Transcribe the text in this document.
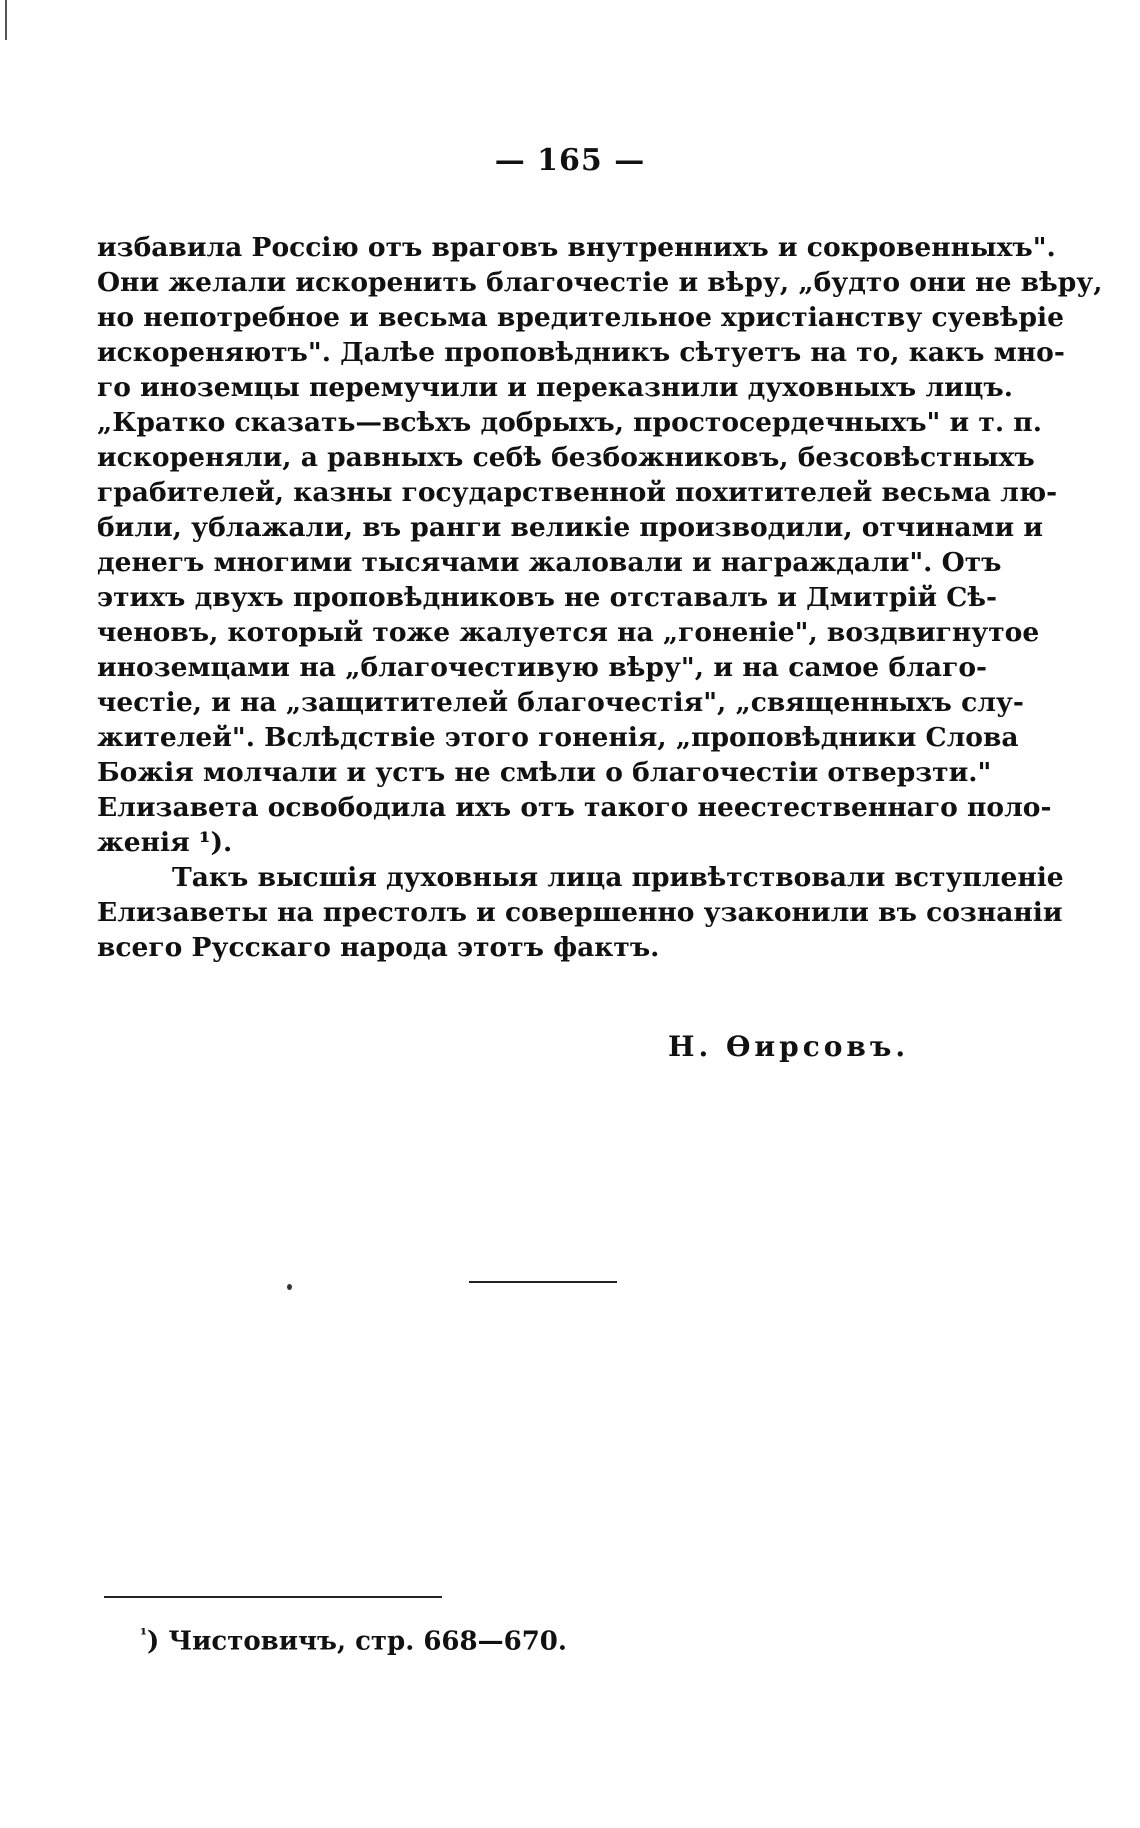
— 165 —
избавила Россію отъ враговъ внутреннихъ и сокровенныхъ".
Они желали искоренить благочестіе и вѣру, „будто они не вѣру,
но непотребное и весьма вредительное христіанству суевѣріе
искореняютъ". Далѣе проповѣдникъ сѣтуетъ на то, какъ мно-
го иноземцы перемучили и переказнили духовныхъ лицъ.
„Кратко сказать—всѣхъ добрыхъ, простосердечныхъ" и т. п.
искореняли, а равныхъ себѣ безбожниковъ, безсовѣстныхъ
грабителей, казны государственной похитителей весьма лю-
били, ублажали, въ ранги великіе производили, отчинами и
денегъ многими тысячами жаловали и награждали". Отъ
этихъ двухъ проповѣдниковъ не отставалъ и Дмитрій Сѣ-
ченовъ, который тоже жалуется на „гоненіе", воздвигнутое
иноземцами на „благочестивую вѣру", и на самое благо-
честіе, и на „защитителей благочестія", „священныхъ слу-
жителей". Вслѣдствіе этого гоненія, „проповѣдники Слова
Божія молчали и устъ не смѣли о благочестіи отверзти."
Елизавета освободила ихъ отъ такого неестественнаго поло-
женія ¹).
Такъ высшія духовныя лица привѣтствовали вступленіе
Елизаветы на престолъ и совершенно узаконили въ сознаніи
всего Русскаго народа этотъ фактъ.
Н. Ѳирсовъ.
$^{^1}$) Чистовичъ, стр. 668—670.
